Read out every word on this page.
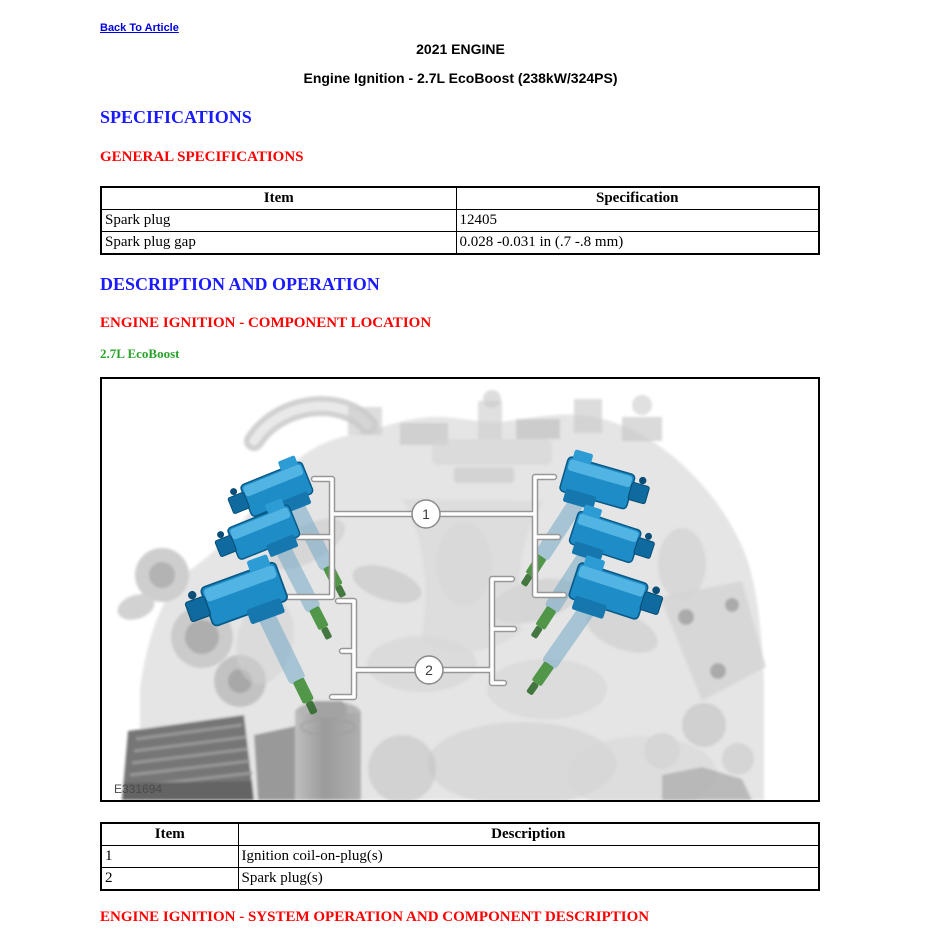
Back To Article
2021 ENGINE
Engine Ignition - 2.7L EcoBoost (238kW/324PS)
SPECIFICATIONS
GENERAL SPECIFICATIONS
Item	Specification
Spark plug	12405
Spark plug gap	0.028 -0.031 in (.7 -.8 mm)
DESCRIPTION AND OPERATION
ENGINE IGNITION - COMPONENT LOCATION
2.7L EcoBoost
1
2
E331694
Item	Description
1	Ignition coil-on-plug(s)
2	Spark plug(s)
ENGINE IGNITION - SYSTEM OPERATION AND COMPONENT DESCRIPTION
